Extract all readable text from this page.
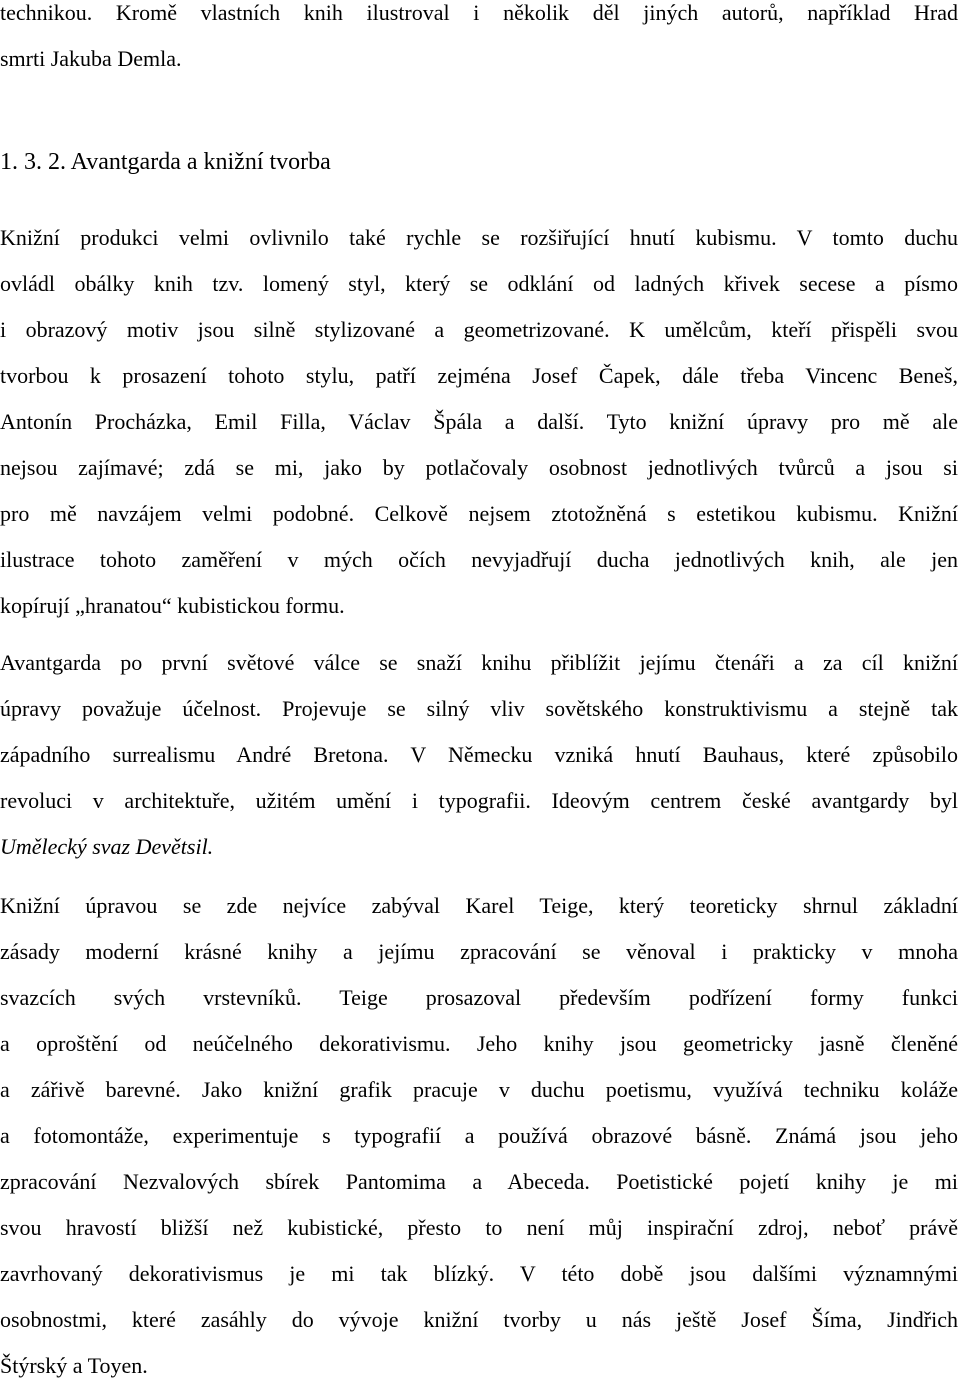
technikou. Kromě vlastních knih ilustroval i několik děl jiných autorů, například Hrad
smrti Jakuba Demla.
1. 3. 2. Avantgarda a knižní tvorba
Knižní produkci velmi ovlivnilo také rychle se rozšiřující hnutí kubismu. V tomto duchu
ovládl obálky knih tzv. lomený styl, který se odklání od ladných křivek secese a písmo
i obrazový motiv jsou silně stylizované a geometrizované. K umělcům, kteří přispěli svou
tvorbou k prosazení tohoto stylu, patří zejména Josef Čapek, dále třeba Vincenc Beneš,
Antonín Procházka, Emil Filla, Václav Špála a další. Tyto knižní úpravy pro mě ale
nejsou zajímavé; zdá se mi, jako by potlačovaly osobnost jednotlivých tvůrců a jsou si
pro mě navzájem velmi podobné. Celkově nejsem ztotožněná s estetikou kubismu. Knižní
ilustrace tohoto zaměření v mých očích nevyjadřují ducha jednotlivých knih, ale jen
kopírují „hranatou“ kubistickou formu.
Avantgarda po první světové válce se snaží knihu přiblížit jejímu čtenáři a za cíl knižní
úpravy považuje účelnost. Projevuje se silný vliv sovětského konstruktivismu a stejně tak
západního surrealismu André Bretona. V Německu vzniká hnutí Bauhaus, které způsobilo
revoluci v architektuře, užitém umění i typografii. Ideovým centrem české avantgardy byl
Umělecký svaz Devětsil.
Knižní úpravou se zde nejvíce zabýval Karel Teige, který teoreticky shrnul základní
zásady moderní krásné knihy a jejímu zpracování se věnoval i prakticky v mnoha
svazcích svých vrstevníků. Teige prosazoval především podřízení formy funkci
a oproštění od neúčelného dekorativismu. Jeho knihy jsou geometricky jasně členěné
a zářivě barevné. Jako knižní grafik pracuje v duchu poetismu, využívá techniku koláže
a fotomontáže, experimentuje s typografií a používá obrazové básně. Známá jsou jeho
zpracování Nezvalových sbírek Pantomima a Abeceda. Poetistické pojetí knihy je mi
svou hravostí bližší než kubistické, přesto to není můj inspirační zdroj, neboť právě
zavrhovaný dekorativismus je mi tak blízký. V této době jsou dalšími významnými
osobnostmi, které zasáhly do vývoje knižní tvorby u nás ještě Josef Šíma, Jindřich
Štýrský a Toyen.
